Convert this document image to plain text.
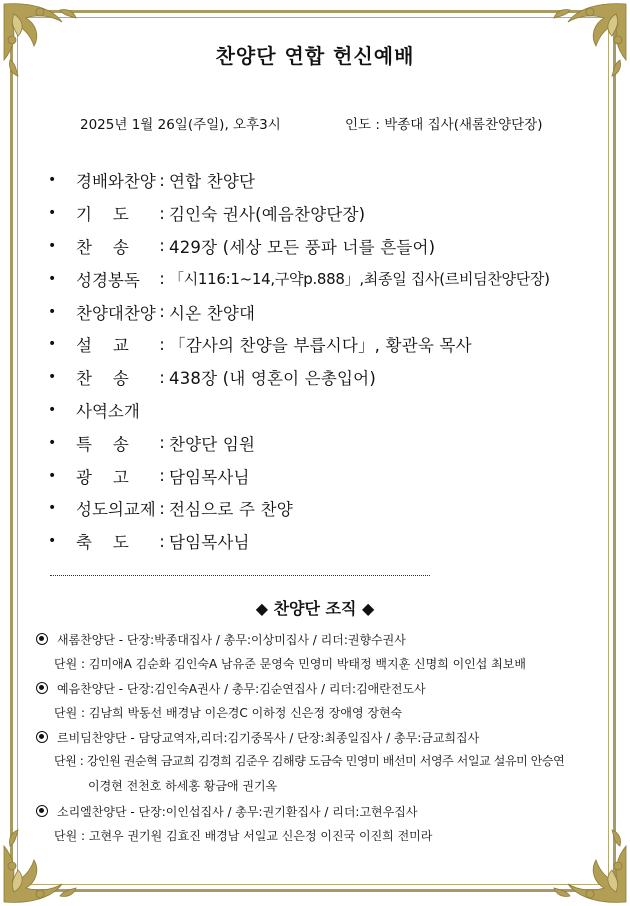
찬양단 연합 헌신예배
2025년 1월 26일(주일), 오후3시	인도 : 박종대 집사(새롬찬양단장)
•	경배와찬양 : 연합 찬양단
•	기    도	: 김인숙 권사(예음찬양단장)
•	찬    송	: 429장 (세상 모든 풍파 너를 흔들어)
•	성경봉독	: 「시116:1~14,구약p.888」,최종일 집사(르비딤찬양단장)
•	찬양대찬양 : 시온 찬양대
•	설    교	: 「감사의 찬양을 부릅시다」, 황관욱 목사
•	찬    송	: 438장 (내 영혼이 은총입어)
•	사역소개
•	특    송	: 찬양단 임원
•	광    고	: 담임목사님
•	성도의교제 : 전심으로 주 찬양
•	축    도	: 담임목사님
◆ 찬양단 조직 ◆
새롬찬양단 - 단장:박종대집사 / 총무:이상미집사 / 리더:권향수권사
단원 : 김미애A 김순화 김인숙A 남유준 문영숙 민영미 박태정 백지훈 신명희 이인섭 최보배
예음찬양단 - 단장:김인숙A권사 / 총무:김순연집사 / 리더:김애란전도사
단원 : 김남희 박동선 배경남 이은경C 이하정 신은정 장애영 장현숙
르비딤찬양단 - 담당교역자,리더:김기중목사 / 단장:최종일집사 / 총무:금교희집사
단원 : 강인원 권순혁 금교희 김경희 김준우 김해량 도금숙 민영미 배선미 서영주 서일교 설유미 안승연
이경현 전천호 하세홍 황금애 권기옥
소리엘찬양단 - 단장:이인섭집사 / 총무:권기환집사 / 리더:고현우집사
단원 : 고현우 권기원 김효진 배경남 서일교 신은정 이진국 이진희 전미라
